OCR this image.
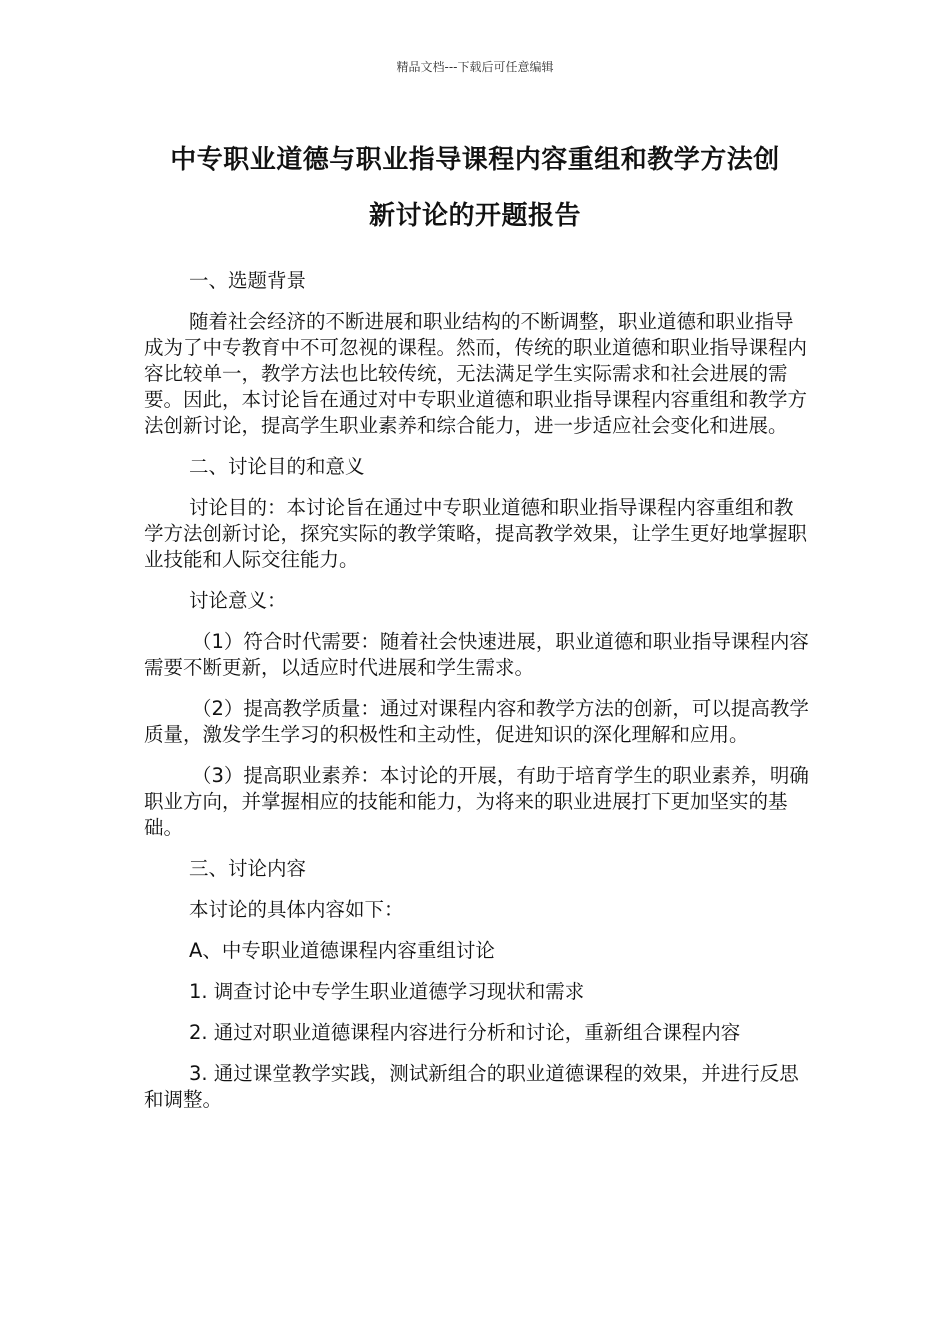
精品文档---下载后可任意编辑
中专职业道德与职业指导课程内容重组和教学方法创
新讨论的开题报告

一、选题背景

随着社会经济的不断进展和职业结构的不断调整，职业道德和职业指导成为了中专教育中不可忽视的课程。然而，传统的职业道德和职业指导课程内容比较单一，教学方法也比较传统，无法满足学生实际需求和社会进展的需要。因此，本讨论旨在通过对中专职业道德和职业指导课程内容重组和教学方法创新讨论，提高学生职业素养和综合能力，进一步适应社会变化和进展。

二、讨论目的和意义

讨论目的：本讨论旨在通过中专职业道德和职业指导课程内容重组和教学方法创新讨论，探究实际的教学策略，提高教学效果，让学生更好地掌握职业技能和人际交往能力。

讨论意义：

（1）符合时代需要：随着社会快速进展，职业道德和职业指导课程内容需要不断更新，以适应时代进展和学生需求。

（2）提高教学质量：通过对课程内容和教学方法的创新，可以提高教学质量，激发学生学习的积极性和主动性，促进知识的深化理解和应用。

（3）提高职业素养：本讨论的开展，有助于培育学生的职业素养，明确职业方向，并掌握相应的技能和能力，为将来的职业进展打下更加坚实的基础。

三、讨论内容

本讨论的具体内容如下：

A、中专职业道德课程内容重组讨论

1. 调查讨论中专学生职业道德学习现状和需求

2. 通过对职业道德课程内容进行分析和讨论，重新组合课程内容

3. 通过课堂教学实践，测试新组合的职业道德课程的效果，并进行反思和调整。
